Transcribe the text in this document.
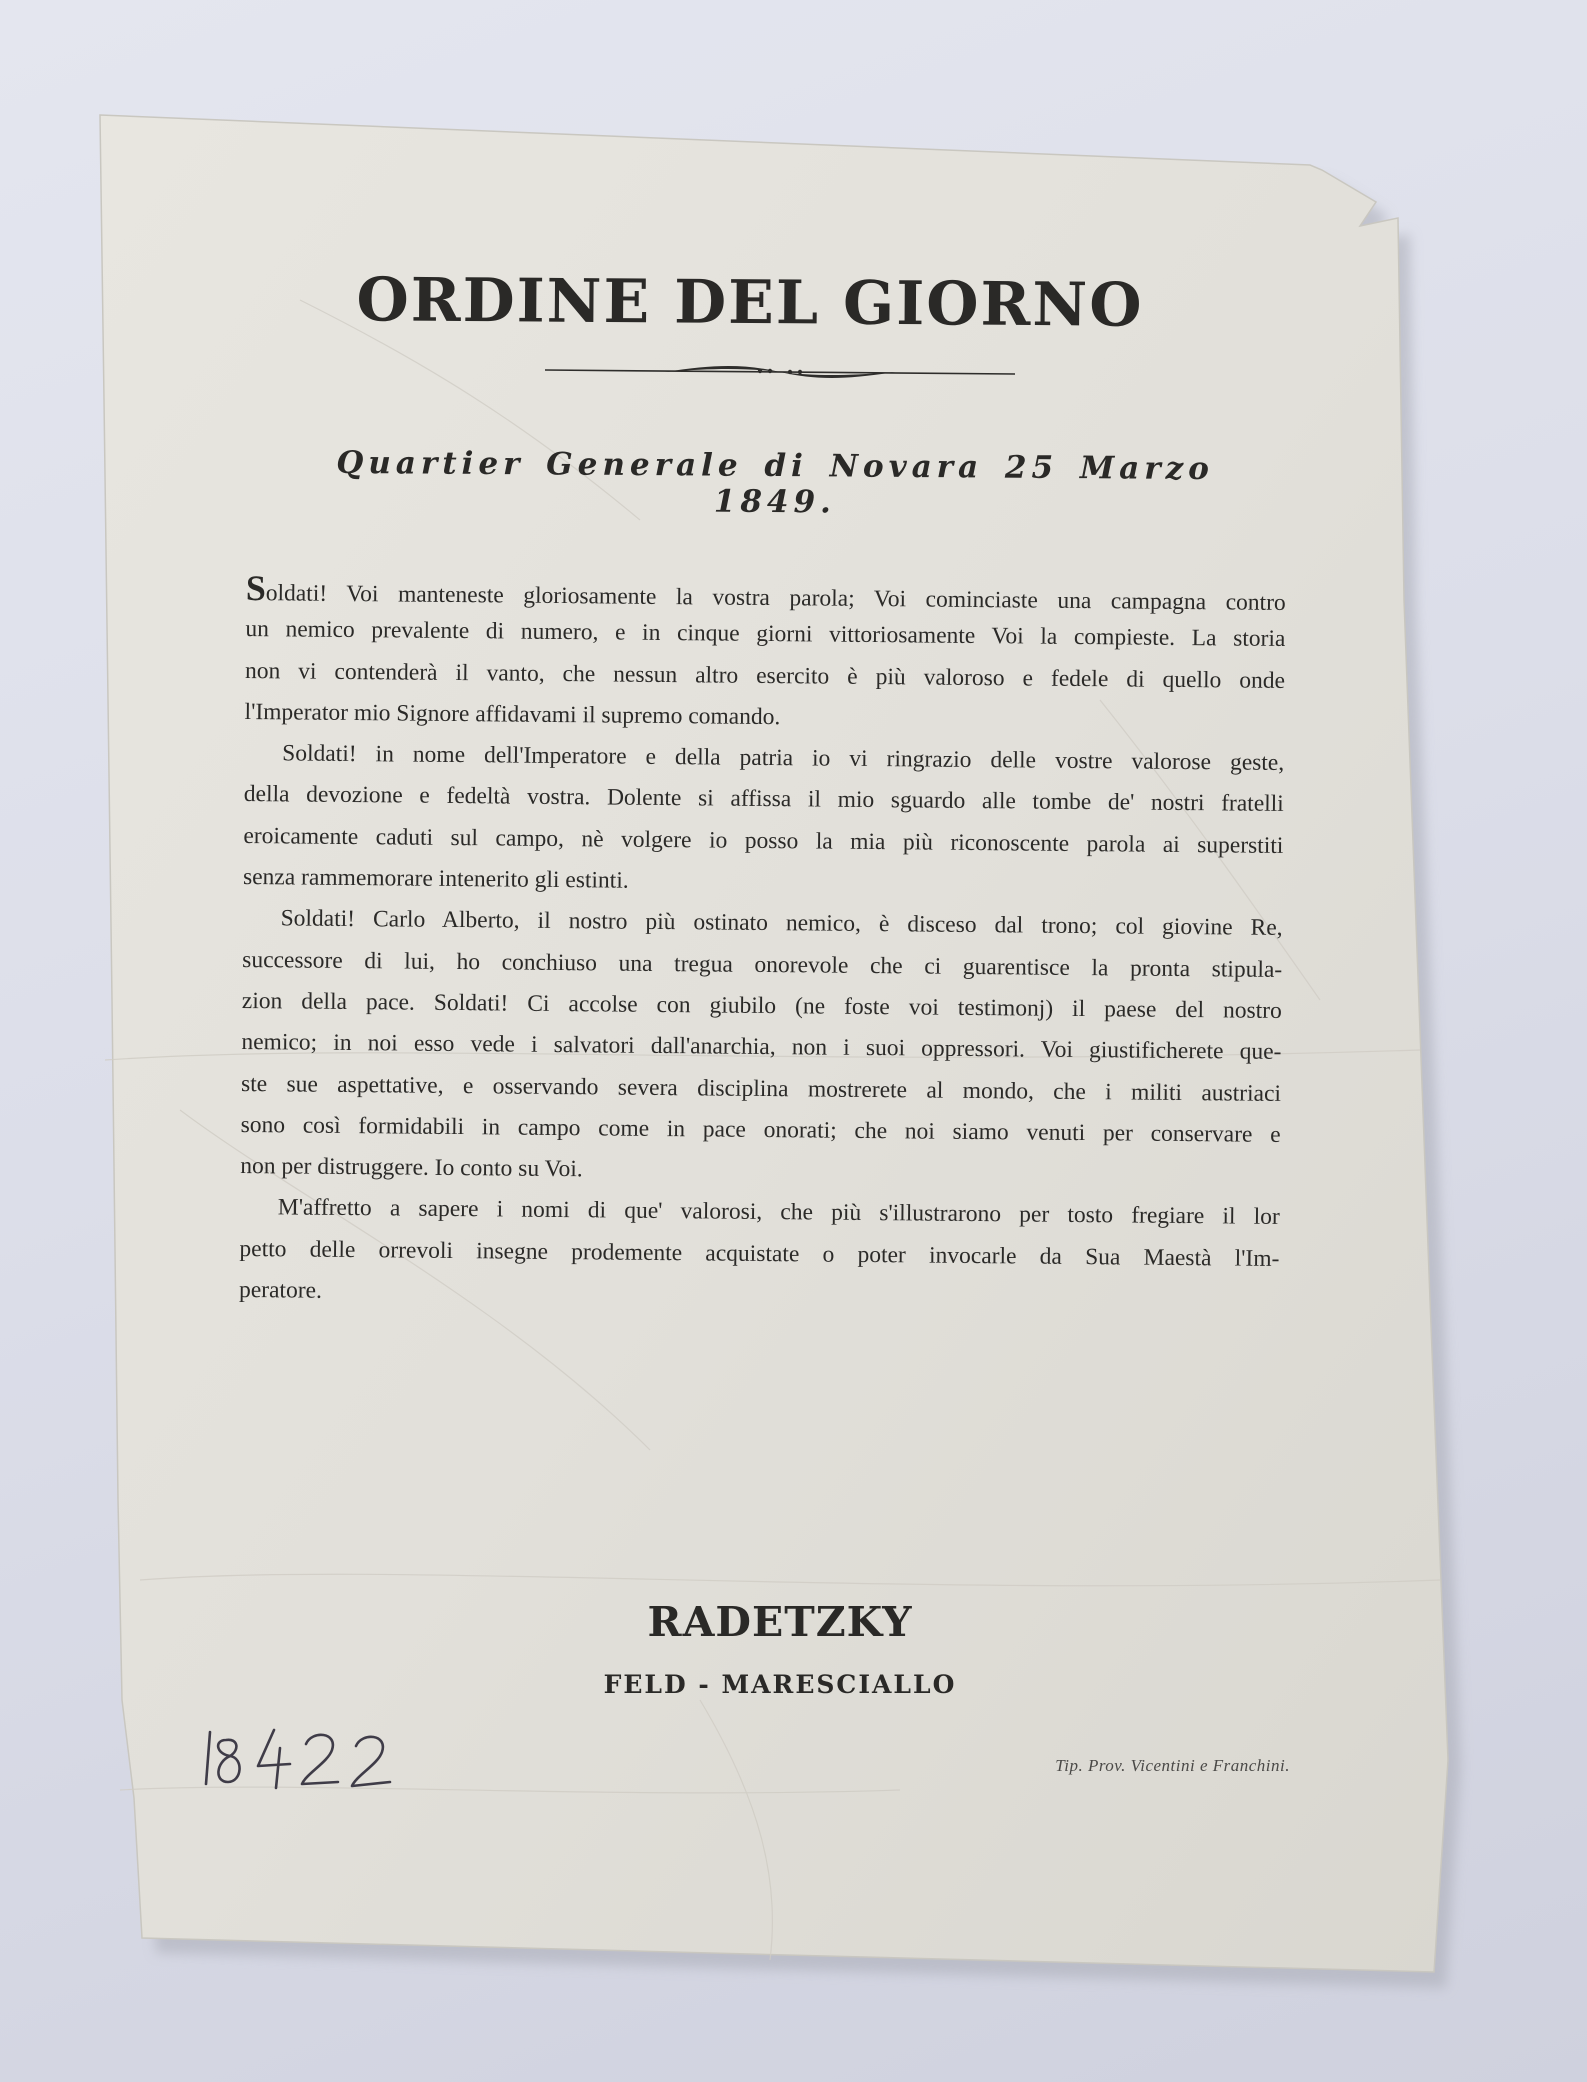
ORDINE DEL GIORNO
Quartier Generale di Novara 25 Marzo 1849.
Soldati! Voi manteneste gloriosamente la vostra parola; Voi cominciaste una campagna contro
un nemico prevalente di numero, e in cinque giorni vittoriosamente Voi la compieste. La storia
non vi contenderà il vanto, che nessun altro esercito è più valoroso e fedele di quello onde
l'Imperator mio Signore affidavami il supremo comando.
Soldati! in nome dell'Imperatore e della patria io vi ringrazio delle vostre valorose geste,
della devozione e fedeltà vostra. Dolente si affissa il mio sguardo alle tombe de' nostri fratelli
eroicamente caduti sul campo, nè volgere io posso la mia più riconoscente parola ai superstiti
senza rammemorare intenerito gli estinti.
Soldati! Carlo Alberto, il nostro più ostinato nemico, è disceso dal trono; col giovine Re,
successore di lui, ho conchiuso una tregua onorevole che ci guarentisce la pronta stipula-
zion della pace. Soldati! Ci accolse con giubilo (ne foste voi testimonj) il paese del nostro
nemico; in noi esso vede i salvatori dall'anarchia, non i suoi oppressori. Voi giustificherete que-
ste sue aspettative, e osservando severa disciplina mostrerete al mondo, che i militi austriaci
sono così formidabili in campo come in pace onorati; che noi siamo venuti per conservare e
non per distruggere. Io conto su Voi.
M'affretto a sapere i nomi di que' valorosi, che più s'illustrarono per tosto fregiare il lor
petto delle orrevoli insegne prodemente acquistate o poter invocarle da Sua Maestà l'Im-
peratore.
RADETZKY
FELD - MARESCIALLO
Tip. Prov. Vicentini e Franchini.
